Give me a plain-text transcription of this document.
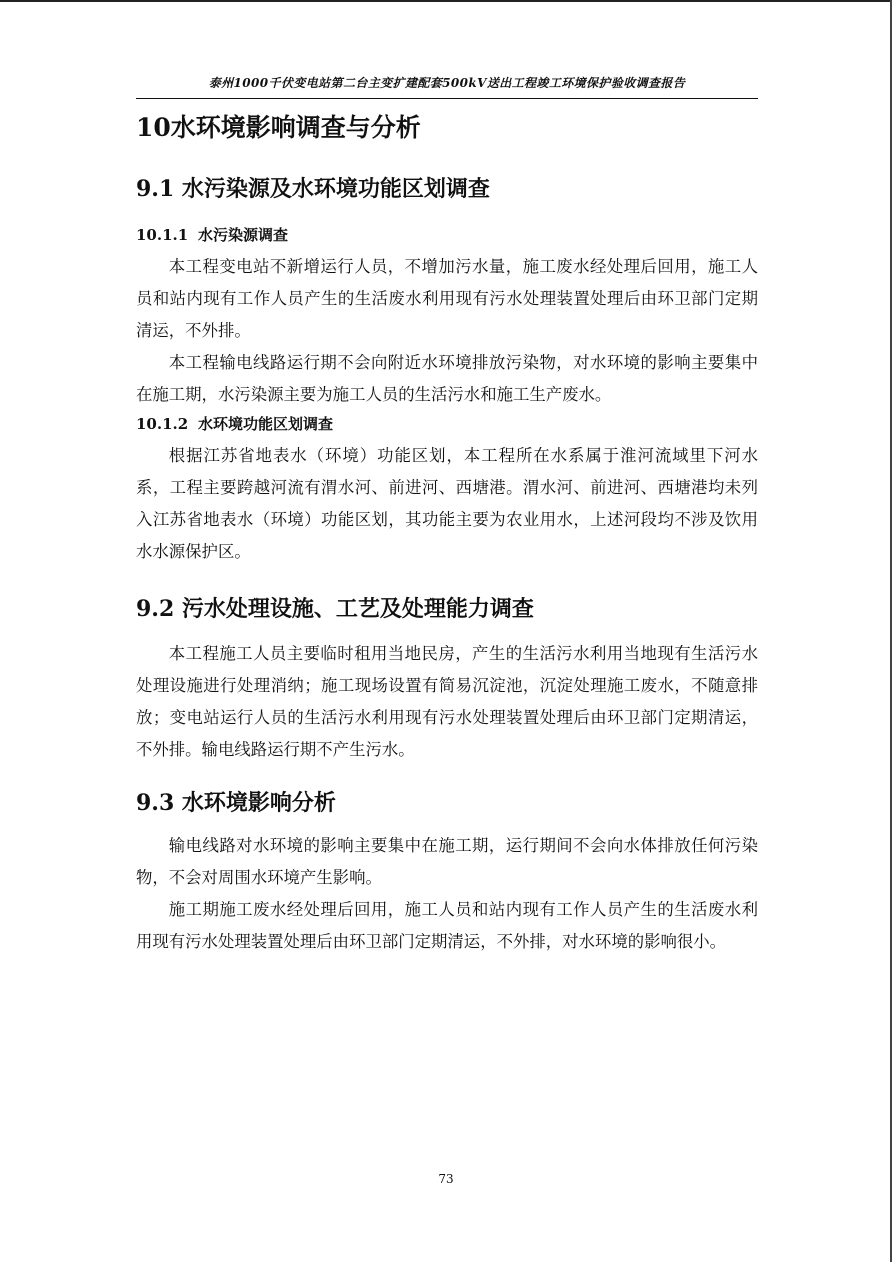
泰州1000千伏变电站第二台主变扩建配套500kV送出工程竣工环境保护验收调查报告
10水环境影响调查与分析
9.1 水污染源及水环境功能区划调查
10.1.1 水污染源调查

本工程变电站不新增运行人员，不增加污水量，施工废水经处理后回用，施工人员和站内现有工作人员产生的生活废水利用现有污水处理装置处理后由环卫部门定期清运，不外排。

本工程输电线路运行期不会向附近水环境排放污染物，对水环境的影响主要集中在施工期，水污染源主要为施工人员的生活污水和施工生产废水。

10.1.2 水环境功能区划调查

根据江苏省地表水（环境）功能区划，本工程所在水系属于淮河流域里下河水系，工程主要跨越河流有渭水河、前进河、西塘港。渭水河、前进河、西塘港均未列入江苏省地表水（环境）功能区划，其功能主要为农业用水，上述河段均不涉及饮用水水源保护区。

9.2 污水处理设施、工艺及处理能力调查

本工程施工人员主要临时租用当地民房，产生的生活污水利用当地现有生活污水处理设施进行处理消纳；施工现场设置有简易沉淀池，沉淀处理施工废水，不随意排放；变电站运行人员的生活污水利用现有污水处理装置处理后由环卫部门定期清运，不外排。输电线路运行期不产生污水。

9.3 水环境影响分析

输电线路对水环境的影响主要集中在施工期，运行期间不会向水体排放任何污染物，不会对周围水环境产生影响。

施工期施工废水经处理后回用，施工人员和站内现有工作人员产生的生活废水利用现有污水处理装置处理后由环卫部门定期清运，不外排，对水环境的影响很小。

73
